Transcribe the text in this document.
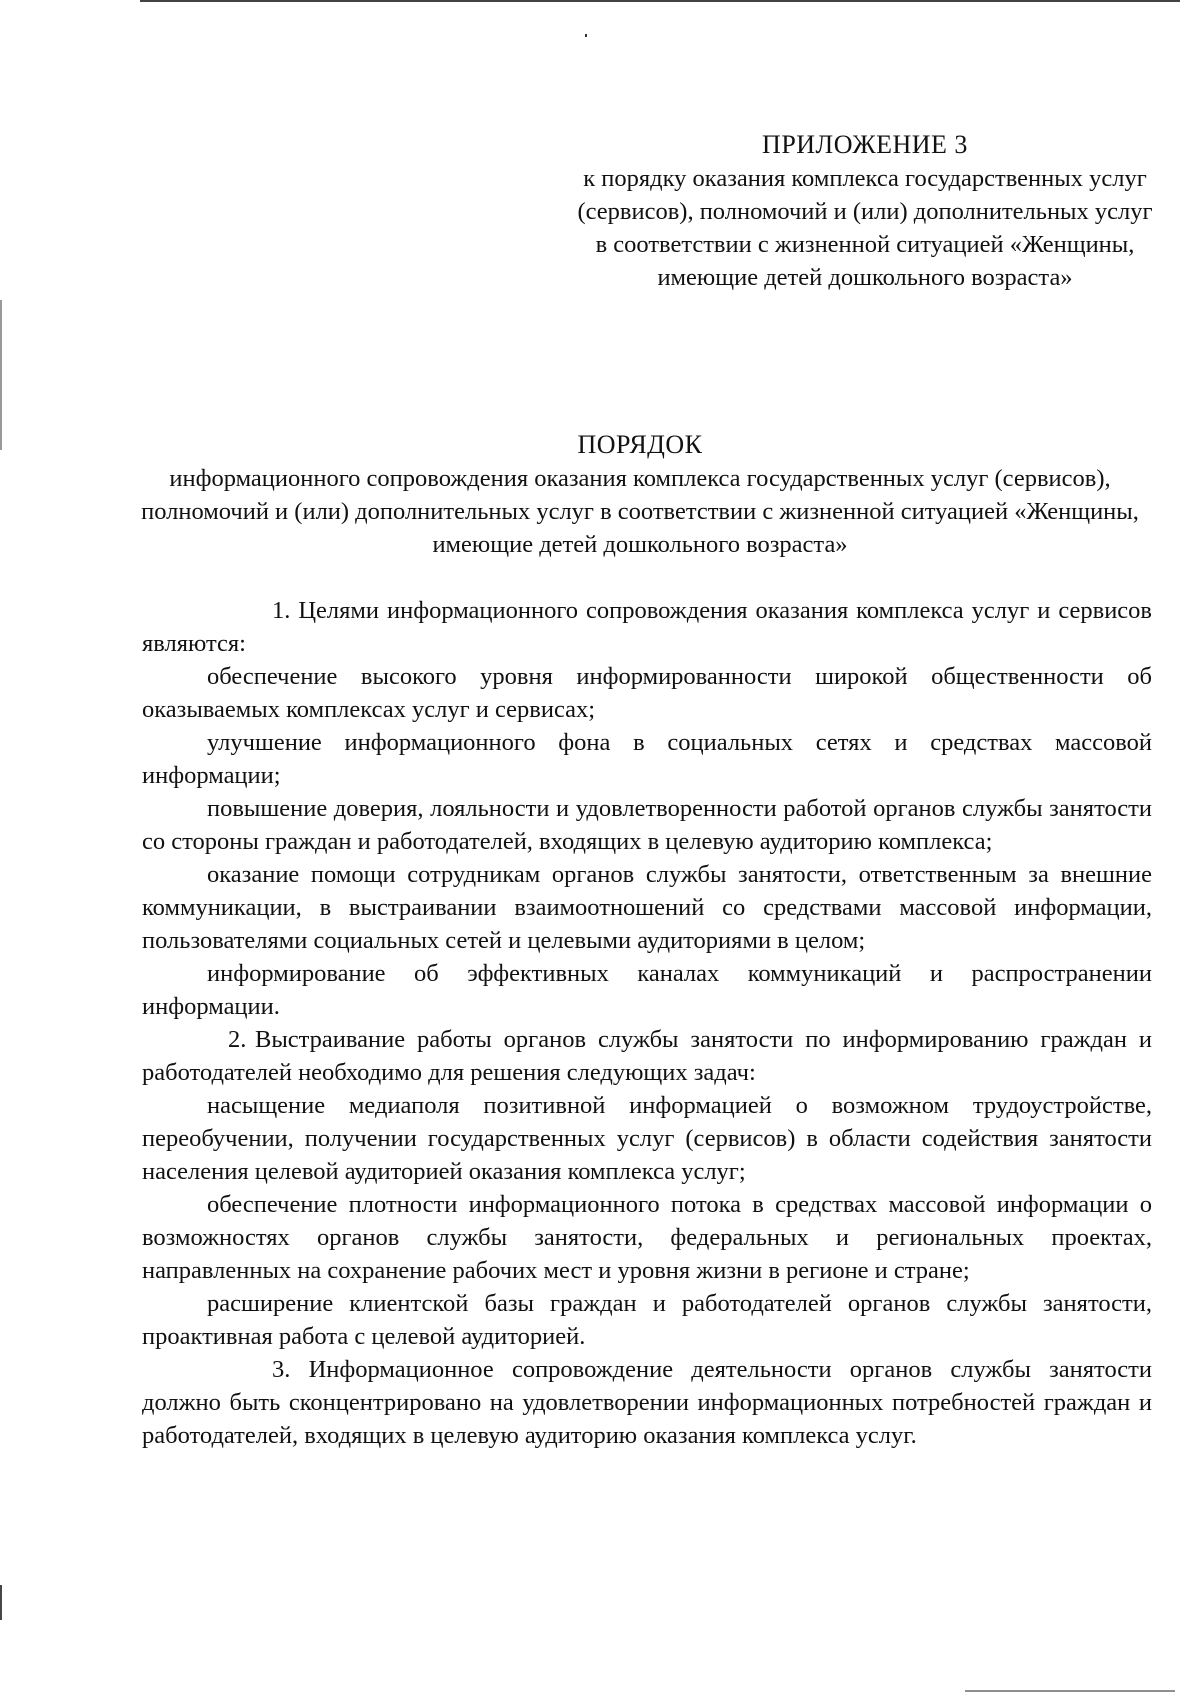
ПРИЛОЖЕНИЕ 3
к порядку оказания комплекса государственных услуг (сервисов), полномочий и (или) дополнительных услуг в соответствии с жизненной ситуацией «Женщины, имеющие детей дошкольного возраста»
ПОРЯДОК
информационного сопровождения оказания комплекса государственных услуг (сервисов), полномочий и (или) дополнительных услуг в соответствии с жизненной ситуацией «Женщины, имеющие детей дошкольного возраста»

1. Целями информационного сопровождения оказания комплекса услуг и сервисов являются:

обеспечение высокого уровня информированности широкой общественности об оказываемых комплексах услуг и сервисах;

улучшение информационного фона в социальных сетях и средствах массовой информации;

повышение доверия, лояльности и удовлетворенности работой органов службы занятости со стороны граждан и работодателей, входящих в целевую аудиторию комплекса;

оказание помощи сотрудникам органов службы занятости, ответственным за внешние коммуникации, в выстраивании взаимоотношений со средствами массовой информации, пользователями социальных сетей и целевыми аудиториями в целом;

информирование об эффективных каналах коммуникаций и распространении информации.

2. Выстраивание работы органов службы занятости по информированию граждан и работодателей необходимо для решения следующих задач:

насыщение медиаполя позитивной информацией о возможном трудоустройстве, переобучении, получении государственных услуг (сервисов) в области содействия занятости населения целевой аудиторией оказания комплекса услуг;

обеспечение плотности информационного потока в средствах массовой информации о возможностях органов службы занятости, федеральных и региональных проектах, направленных на сохранение рабочих мест и уровня жизни в регионе и стране;

расширение клиентской базы граждан и работодателей органов службы занятости, проактивная работа с целевой аудиторией.

3. Информационное сопровождение деятельности органов службы занятости должно быть сконцентрировано на удовлетворении информационных потребностей граждан и работодателей, входящих в целевую аудиторию оказания комплекса услуг.
